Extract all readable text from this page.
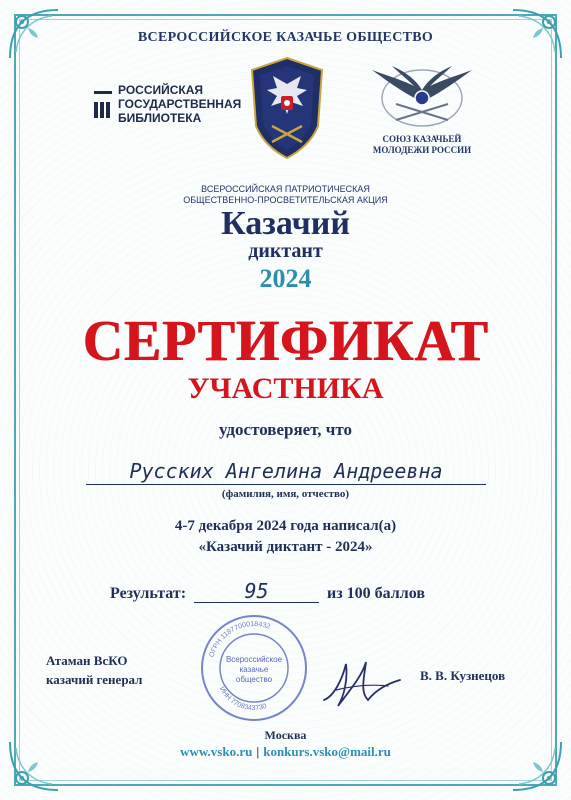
ВСЕРОССИЙСКОЕ КАЗАЧЬЕ ОБЩЕСТВО
РОССИЙСКАЯ
ГОСУДАРСТВЕННАЯ
БИБЛИОТЕКА
СОЮЗ КАЗАЧЬЕЙ
МОЛОДЕЖИ РОССИИ
ВСЕРОССИЙСКАЯ ПАТРИОТИЧЕСКАЯ
ОБЩЕСТВЕННО-ПРОСВЕТИТЕЛЬСКАЯ АКЦИЯ
Казачий
диктант
2024
СЕРТИФИКАТ
УЧАСТНИКА
удостоверяет, что
Русских Ангелина Андреевна
(фамилия, имя, отчество)
4-7 декабря 2024 года написал(а)
«Казачий диктант - 2024»
Результат:	95	из 100 баллов
Атаман ВсКО
казачий генерал
ОГРН 1187700018432
ИНН 7708343730
Всероссийское
казачье
общество	В. В. Кузнецов
Москва
www.vsko.ru | konkurs.vsko@mail.ru
